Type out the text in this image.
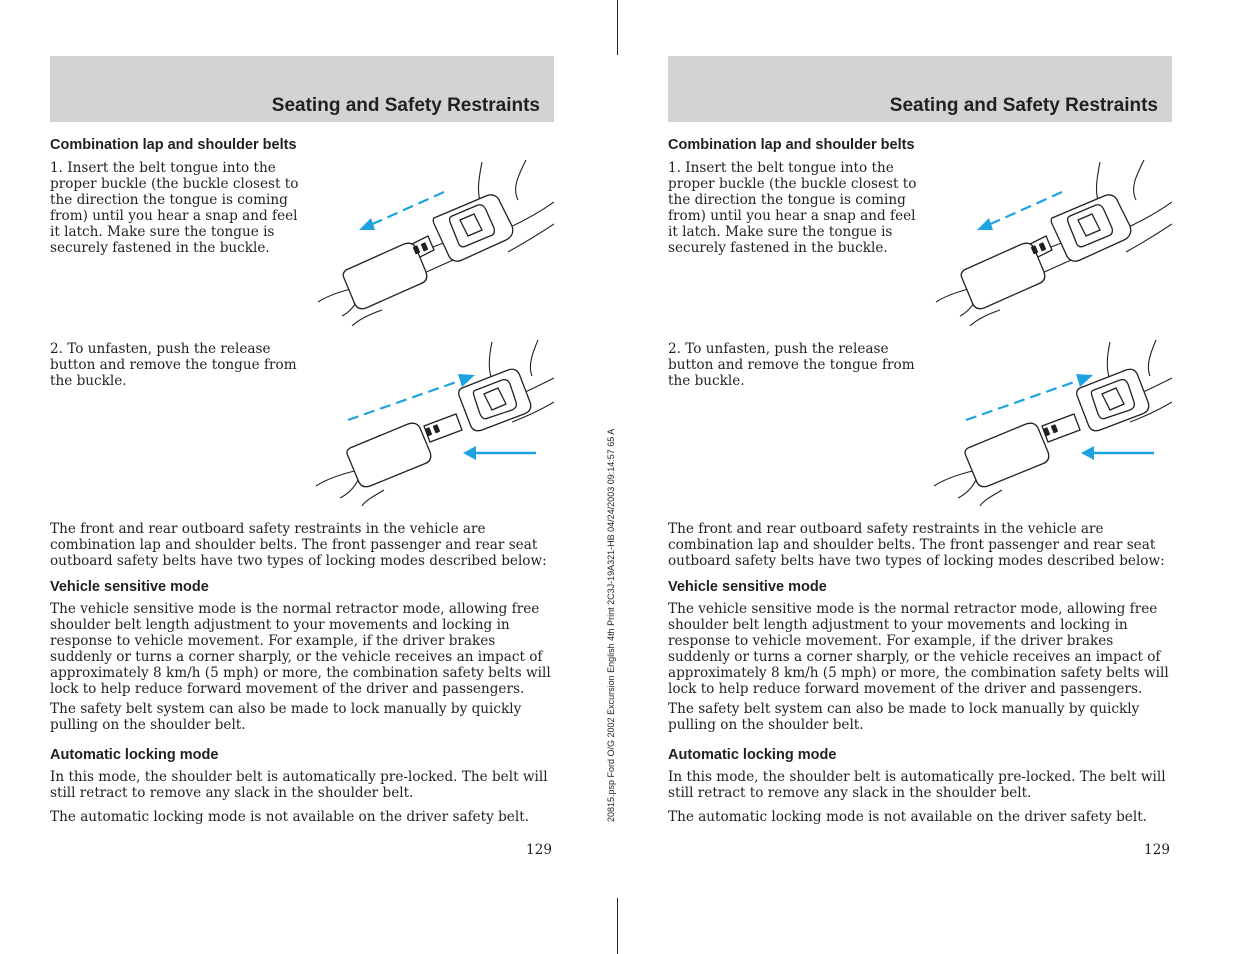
Seating and Safety Restraints
Combination lap and shoulder belts

1. Insert the belt tongue into the proper buckle (the buckle closest to the direction the tongue is coming from) until you hear a snap and feel it latch. Make sure the tongue is securely fastened in the buckle.

2. To unfasten, push the release button and remove the tongue from the buckle.

The front and rear outboard safety restraints in the vehicle are combination lap and shoulder belts. The front passenger and rear seat outboard safety belts have two types of locking modes described below:

Vehicle sensitive mode

The vehicle sensitive mode is the normal retractor mode, allowing free shoulder belt length adjustment to your movements and locking in response to vehicle movement. For example, if the driver brakes suddenly or turns a corner sharply, or the vehicle receives an impact of approximately 8 km/h (5 mph) or more, the combination safety belts will lock to help reduce forward movement of the driver and passengers.

The safety belt system can also be made to lock manually by quickly pulling on the shoulder belt.

Automatic locking mode

In this mode, the shoulder belt is automatically pre-locked. The belt will still retract to remove any slack in the shoulder belt.

The automatic locking mode is not available on the driver safety belt.

129
20815.psp Ford O/G 2002 Excursion English 4th Print 2C3J-19A321-HB 04/24/2003 09:14:57 65 A
Seating and Safety Restraints
Combination lap and shoulder belts

1. Insert the belt tongue into the proper buckle (the buckle closest to the direction the tongue is coming from) until you hear a snap and feel it latch. Make sure the tongue is securely fastened in the buckle.

2. To unfasten, push the release button and remove the tongue from the buckle.

The front and rear outboard safety restraints in the vehicle are combination lap and shoulder belts. The front passenger and rear seat outboard safety belts have two types of locking modes described below:

Vehicle sensitive mode

The vehicle sensitive mode is the normal retractor mode, allowing free shoulder belt length adjustment to your movements and locking in response to vehicle movement. For example, if the driver brakes suddenly or turns a corner sharply, or the vehicle receives an impact of approximately 8 km/h (5 mph) or more, the combination safety belts will lock to help reduce forward movement of the driver and passengers.

The safety belt system can also be made to lock manually by quickly pulling on the shoulder belt.

Automatic locking mode

In this mode, the shoulder belt is automatically pre-locked. The belt will still retract to remove any slack in the shoulder belt.

The automatic locking mode is not available on the driver safety belt.

129
